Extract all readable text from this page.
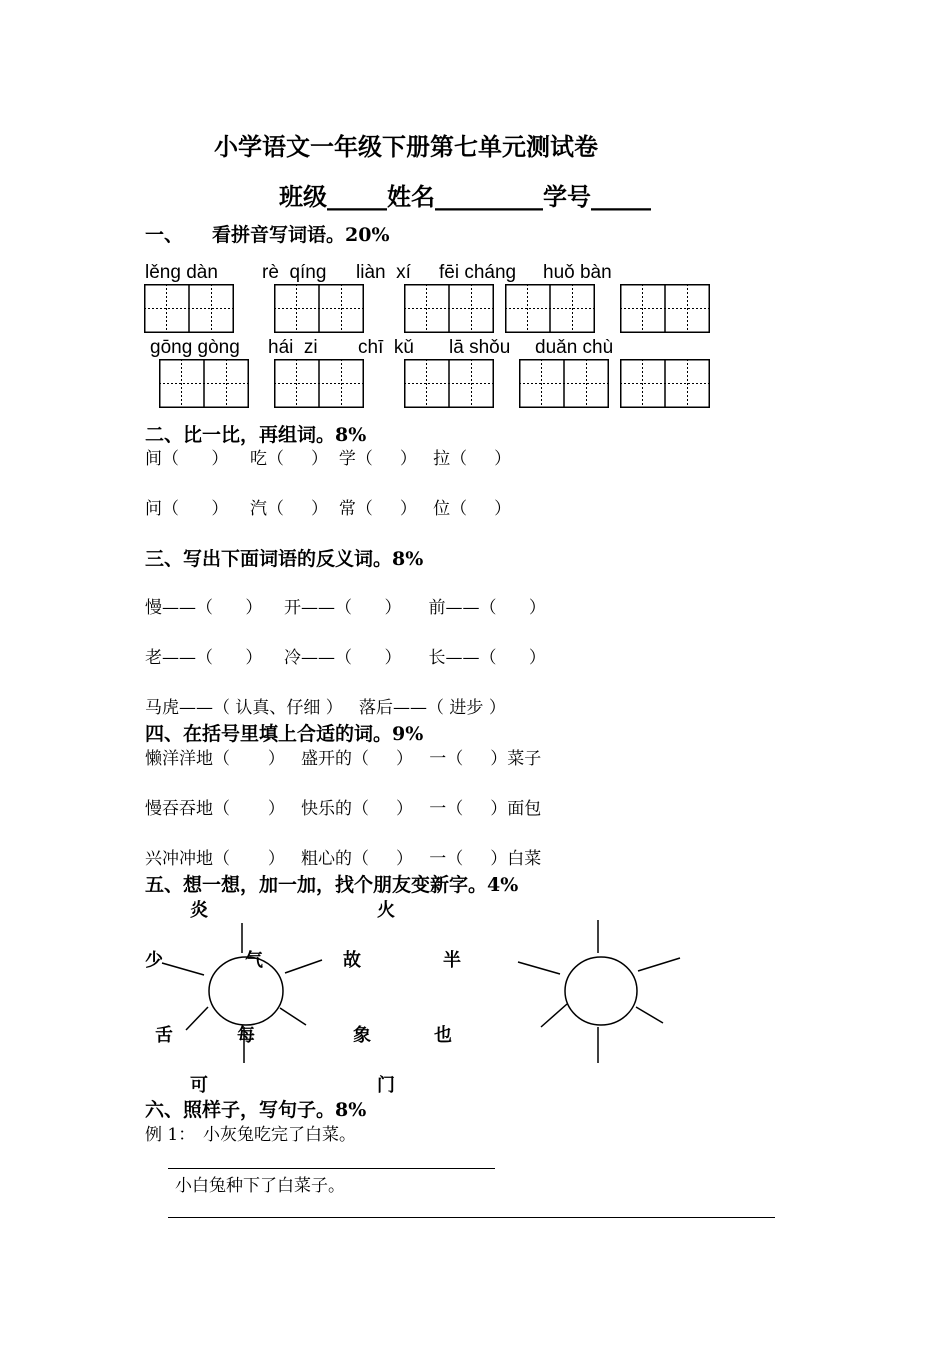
小学语文一年级下册第七单元测试卷
班级_____姓名_________学号_____
一、 看拼音写词语。20%
lěng dàn rè  qíng liàn  xí fēi cháng huǒ bàn
gōng gòng hái  zi chī  kǔ lā shǒu duǎn chù
二、比一比，再组词。8%
间（      ）    吃（     ）  学（     ）   拉（     ）
问（      ）    汽（     ）  常（     ）   位（     ）
三、写出下面词语的反义词。8%
慢——（      ）    开——（      ）     前——（      ）
老——（      ）    冷——（      ）     长——（      ）
马虎——（ 认真、仔细 ）   落后——（ 进步 ）
四、在括号里填上合适的词。9%
懒洋洋地（       ）   盛开的（     ）   一（     ）菜子
慢吞吞地（       ）   快乐的（     ）   一（     ）面包
兴冲冲地（       ）   粗心的（     ）   一（     ）白菜
五、想一想，加一加，找个朋友变新字。4%
炎	火
少	气	故	半
舌	每	象	也
可	门
六、照样子，写句子。8%
例 1： 小灰兔吃完了白菜。
小白兔种下了白菜子。
